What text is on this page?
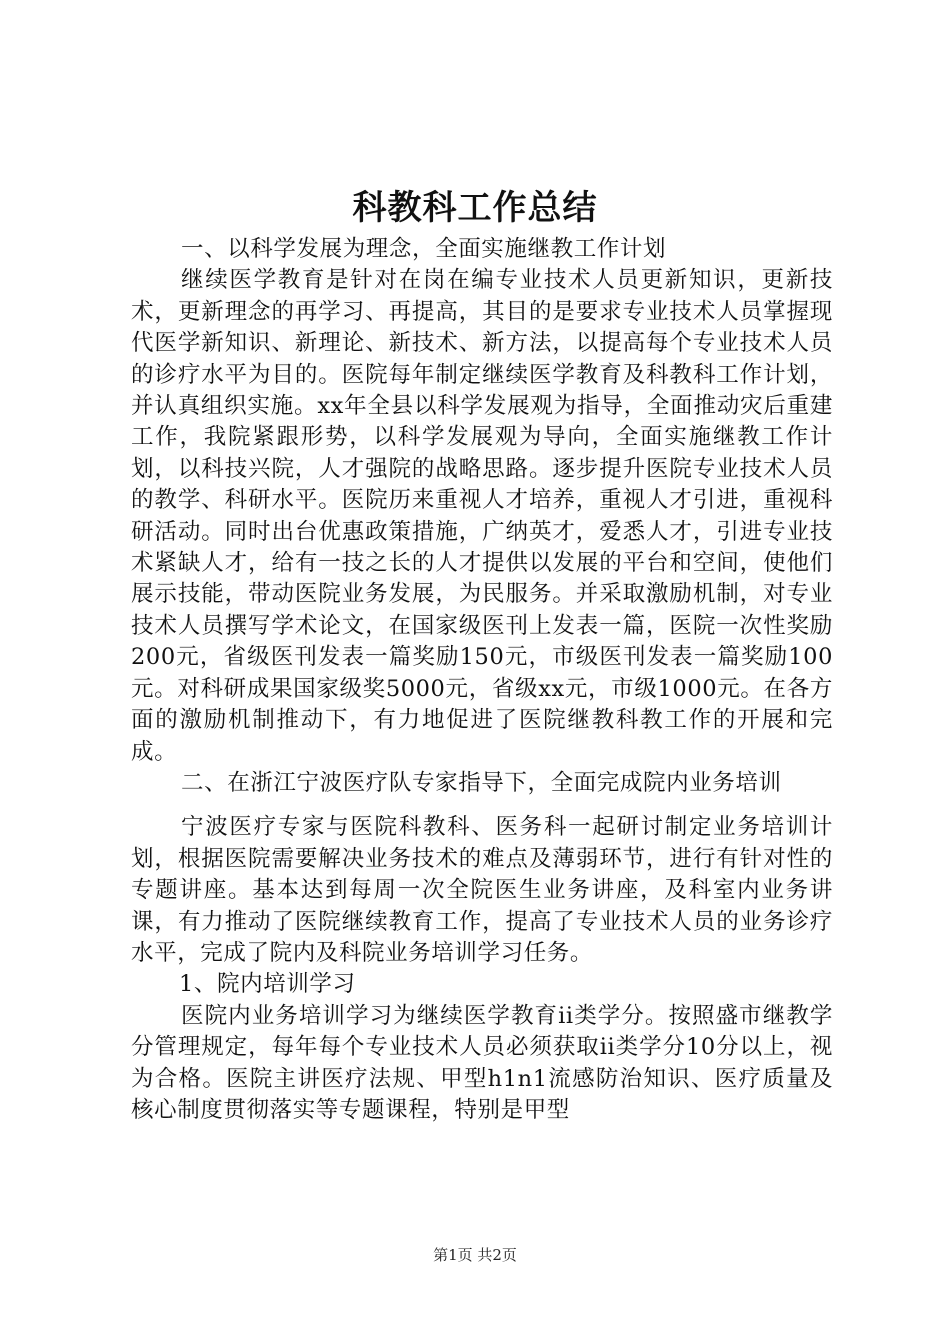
科教科工作总结

一、以科学发展为理念，全面实施继教工作计划

继续医学教育是针对在岗在编专业技术人员更新知识，更新技术，更新理念的再学习、再提高，其目的是要求专业技术人员掌握现代医学新知识、新理论、新技术、新方法，以提高每个专业技术人员的诊疗水平为目的。医院每年制定继续医学教育及科教科工作计划，并认真组织实施。xx年全县以科学发展观为指导，全面推动灾后重建工作，我院紧跟形势，以科学发展观为导向，全面实施继教工作计划，以科技兴院，人才强院的战略思路。逐步提升医院专业技术人员的教学、科研水平。医院历来重视人才培养，重视人才引进，重视科研活动。同时出台优惠政策措施，广纳英才，爱悉人才，引进专业技术紧缺人才，给有一技之长的人才提供以发展的平台和空间，使他们展示技能，带动医院业务发展，为民服务。并采取激励机制，对专业技术人员撰写学术论文，在国家级医刊上发表一篇，医院一次性奖励200元，省级医刊发表一篇奖励150元，市级医刊发表一篇奖励100元。对科研成果国家级奖5000元，省级xx元，市级1000元。在各方面的激励机制推动下，有力地促进了医院继教科教工作的开展和完成。

二、在浙江宁波医疗队专家指导下，全面完成院内业务培训

宁波医疗专家与医院科教科、医务科一起研讨制定业务培训计划，根据医院需要解决业务技术的难点及薄弱环节，进行有针对性的专题讲座。基本达到每周一次全院医生业务讲座，及科室内业务讲课，有力推动了医院继续教育工作，提高了专业技术人员的业务诊疗水平，完成了院内及科院业务培训学习任务。

1、院内培训学习

医院内业务培训学习为继续医学教育ii类学分。按照盛市继教学分管理规定，每年每个专业技术人员必须获取ii类学分10分以上，视为合格。医院主讲医疗法规、甲型h1n1流感防治知识、医疗质量及核心制度贯彻落实等专题课程，特别是甲型

第1页 共2页
